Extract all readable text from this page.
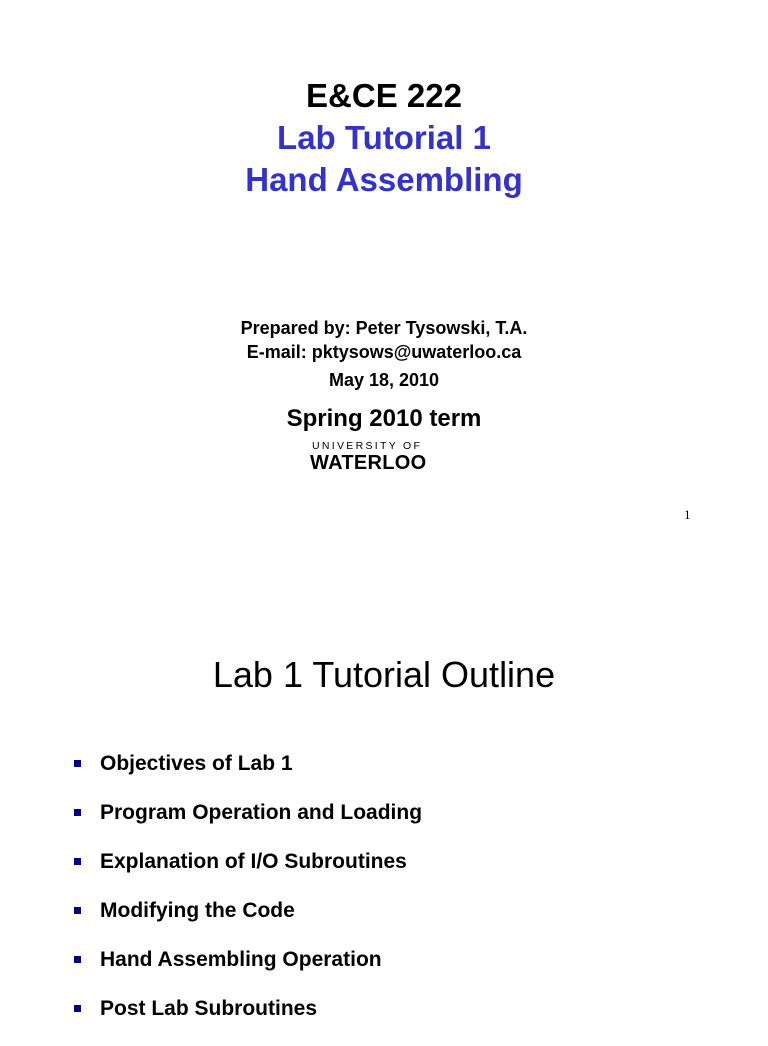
E&CE 222
Lab Tutorial 1
Hand Assembling
Prepared by: Peter Tysowski, T.A.
E-mail: pktysows@uwaterloo.ca
May 18, 2010
Spring 2010 term
UNIVERSITY OF
WATERLOO
1
Lab 1 Tutorial Outline
Objectives of Lab 1
Program Operation and Loading
Explanation of I/O Subroutines
Modifying the Code
Hand Assembling Operation
Post Lab Subroutines
